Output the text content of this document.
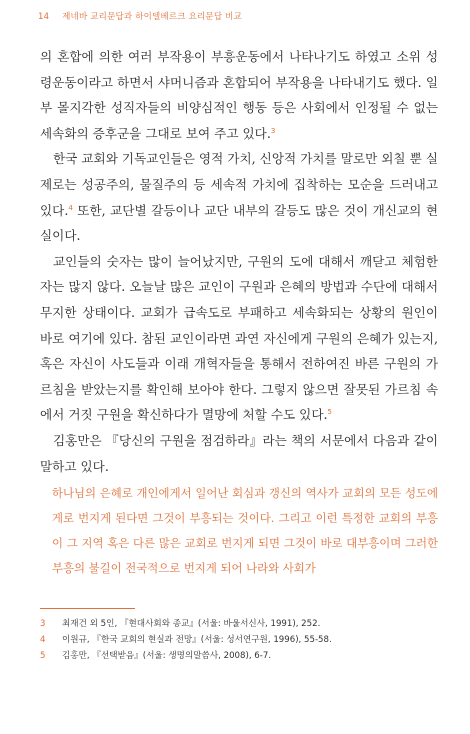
14 제네바 교리문답과 하이델베르크 요리문답 비교

의 혼합에 의한 여러 부작용이 부흥운동에서 나타나기도 하였고 소위 성령운동이라고 하면서 샤머니즘과 혼합되어 부작용을 나타내기도 했다. 일부 몰지각한 성직자들의 비양심적인 행동 등은 사회에서 인정될 수 없는 세속화의 증후군을 그대로 보여 주고 있다.$^3$

한국 교회와 기독교인들은 영적 가치, 신앙적 가치를 말로만 외칠 뿐 실제로는 성공주의, 물질주의 등 세속적 가치에 집착하는 모순을 드러내고 있다.$^4$ 또한, 교단별 갈등이나 교단 내부의 갈등도 많은 것이 개신교의 현실이다.

교인들의 숫자는 많이 늘어났지만, 구원의 도에 대해서 깨닫고 체험한 자는 많지 않다. 오늘날 많은 교인이 구원과 은혜의 방법과 수단에 대해서 무지한 상태이다. 교회가 급속도로 부패하고 세속화되는 상황의 원인이 바로 여기에 있다. 참된 교인이라면 과연 자신에게 구원의 은혜가 있는지, 혹은 자신이 사도들과 이래 개혁자들을 통해서 전하여진 바른 구원의 가르침을 받았는지를 확인해 보아야 한다. 그렇지 않으면 잘못된 가르침 속에서 거짓 구원을 확신하다가 멸망에 처할 수도 있다.$^5$

김홍만은 『당신의 구원을 점검하라』라는 책의 서문에서 다음과 같이 말하고 있다.

하나님의 은혜로 개인에게서 일어난 회심과 갱신의 역사가 교회의 모든 성도에게로 번지게 된다면 그것이 부흥되는 것이다. 그리고 이런 특정한 교회의 부흥이 그 지역 혹은 다른 많은 교회로 번지게 되면 그것이 바로 대부흥이며 그러한 부흥의 불길이 전국적으로 번지게 되어 나라와 사회가

3	최재건 외 5인, 『현대사회와 종교』(서울: 바울서신사, 1991), 252.
4	이원규, 『한국 교회의 현실과 전망』(서울: 성서연구원, 1996), 55-58.
5	김홍만, 『선택받음』(서울: 생명의말씀사, 2008), 6-7.
